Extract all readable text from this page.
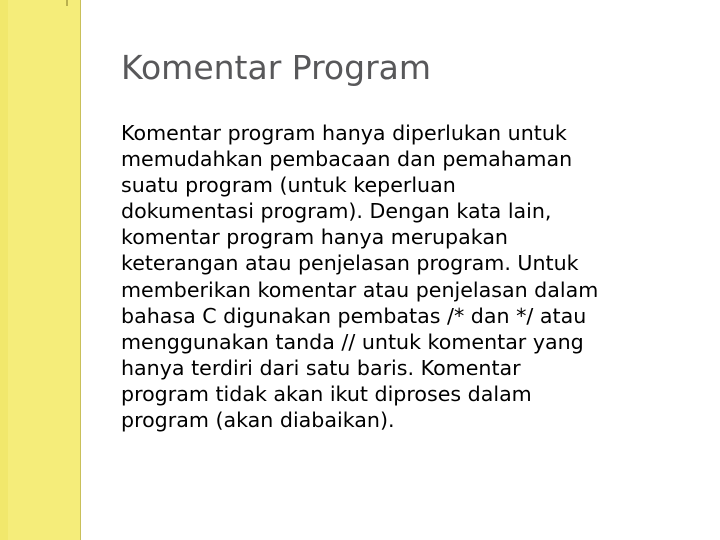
Komentar Program

Komentar program hanya diperlukan untuk
memudahkan pembacaan dan pemahaman
suatu program (untuk keperluan
dokumentasi program). Dengan kata lain,
komentar program hanya merupakan
keterangan atau penjelasan program. Untuk
memberikan komentar atau penjelasan dalam
bahasa C digunakan pembatas /* dan */ atau
menggunakan tanda // untuk komentar yang
hanya terdiri dari satu baris. Komentar
program tidak akan ikut diproses dalam
program (akan diabaikan).
